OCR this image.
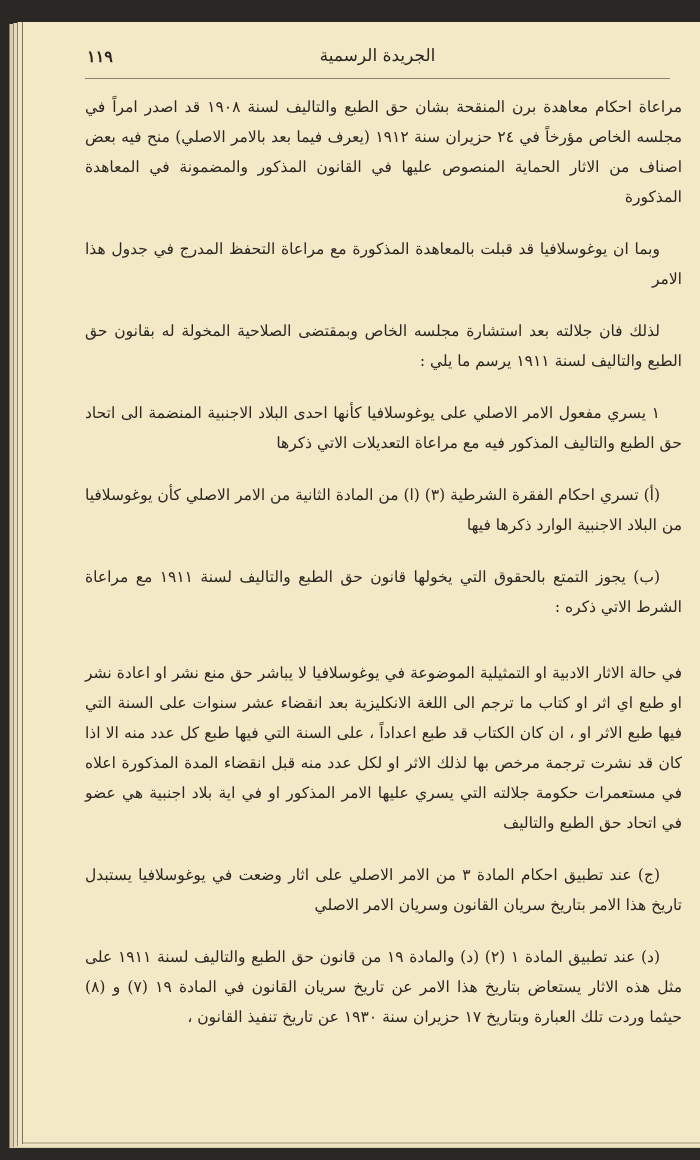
الجريدة الرسمية
١١٩

مراعاة احكام معاهدة برن المنقحة بشان حق الطبع والتاليف لسنة ١٩٠٨ قد اصدر امراً في مجلسه الخاص مؤرخاً في ٢٤ حزيران سنة ١٩١٢ (يعرف فيما بعد بالامر الاصلي) منح فيه بعض اصناف من الاثار الحماية المنصوص عليها في القانون المذكور والمضمونة في المعاهدة المذكورة

وبما ان يوغوسلافيا قد قبلت بالمعاهدة المذكورة مع مراعاة التحفظ المدرج في جدول هذا الامر

لذلك فان جلالته بعد استشارة مجلسه الخاص وبمقتضى الصلاحية المخولة له بقانون حق الطبع والتاليف لسنة ١٩١١ يرسم ما يلي :

١ يسري مفعول الامر الاصلي على يوغوسلافيا كأنها احدى البلاد الاجنبية المنضمة الى اتحاد حق الطبع والتاليف المذكور فيه مع مراعاة التعديلات الاتي ذكرها

(أ) تسري احكام الفقرة الشرطية (٣) (ا) من المادة الثانية من الامر الاصلي كأن يوغوسلافيا من البلاد الاجنبية الوارد ذكرها فيها

(ب) يجوز التمتع بالحقوق التي يخولها قانون حق الطبع والتاليف لسنة ١٩١١ مع مراعاة الشرط الاتي ذكره :

في حالة الاثار الادبية او التمثيلية الموضوعة في يوغوسلافيا لا يباشر حق منع نشر او اعادة نشر او طبع اي اثر او كتاب ما ترجم الى اللغة الانكليزية بعد انقضاء عشر سنوات على السنة التي فيها طبع الاثر او ، ان كان الكتاب قد طبع اعداداً ، على السنة التي فيها طبع كل عدد منه الا اذا كان قد نشرت ترجمة مرخص بها لذلك الاثر او لكل عدد منه قبل انقضاء المدة المذكورة اعلاه في مستعمرات حكومة جلالته التي يسري عليها الامر المذكور او في اية بلاد اجنبية هي عضو في اتحاد حق الطبع والتاليف

(ج) عند تطبيق احكام المادة ٣ من الامر الاصلي على اثار وضعت في يوغوسلافيا يستبدل تاريخ هذا الامر بتاريخ سريان القانون وسريان الامر الاصلي

(د) عند تطبيق المادة ١ (٢) (د) والمادة ١٩ من قانون حق الطبع والتاليف لسنة ١٩١١ على مثل هذه الاثار يستعاض بتاريخ هذا الامر عن تاريخ سريان القانون في المادة ١٩ (٧) و (٨) حيثما وردت تلك العبارة وبتاريخ ١٧ حزيران سنة ١٩٣٠ عن تاريخ تنفيذ القانون ،
